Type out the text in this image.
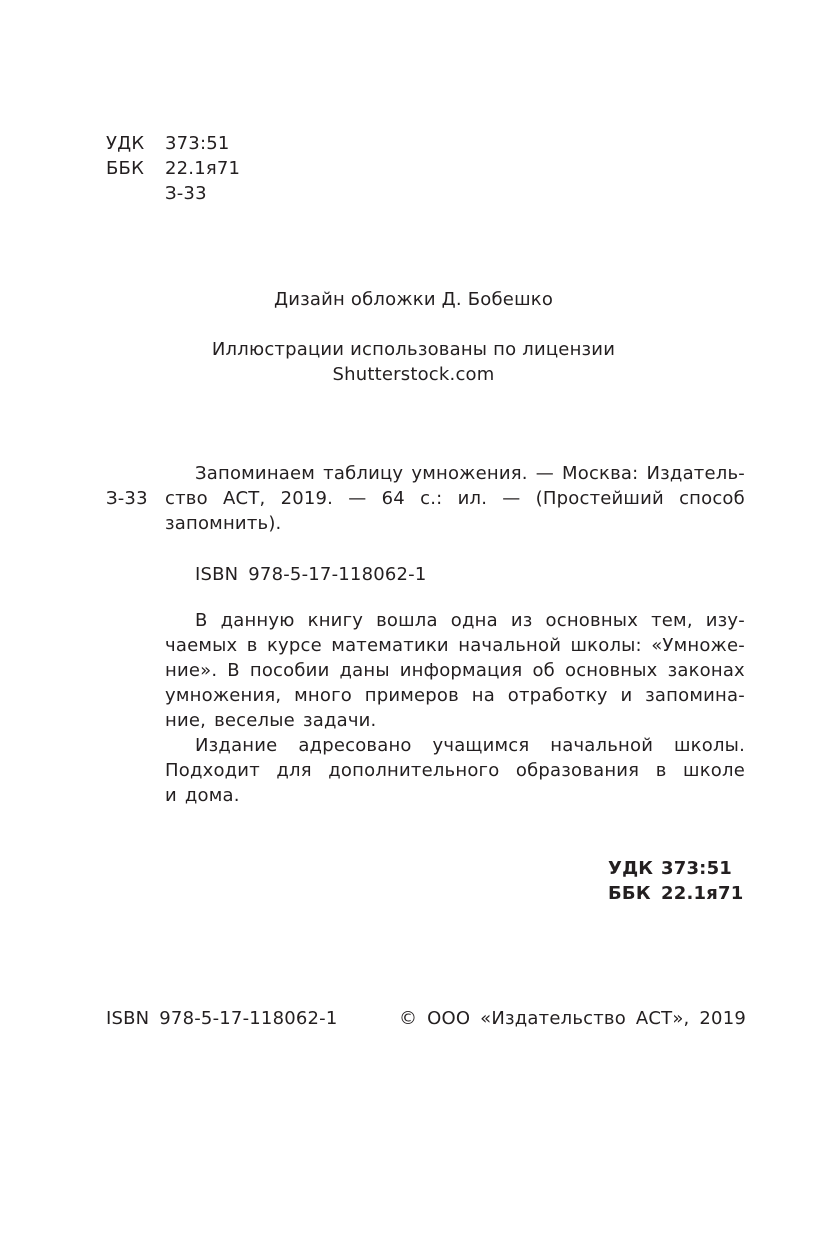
УДК 373:51
ББК 22.1я71
З-33
Дизайн обложки Д. Бобешко
Иллюстрации использованы по лицензии
Shutterstock.com
Запоминаем таблицу умножения. — Москва: Издатель-
З-33 ство АСТ, 2019. — 64 с.: ил. — (Простейший способ
запомнить).
ISBN 978-5-17-118062-1
В данную книгу вошла одна из основных тем, изу-
чаемых в курсе математики начальной школы: «Умноже-
ние». В пособии даны информация об основных законах
умножения, много примеров на отработку и запомина-
ние, веселые задачи.
Издание адресовано учащимся начальной школы.
Подходит для дополнительного образования в школе
и дома.
УДК 373:51
ББК 22.1я71
ISBN 978-5-17-118062-1	© ООО «Издательство АСТ», 2019
